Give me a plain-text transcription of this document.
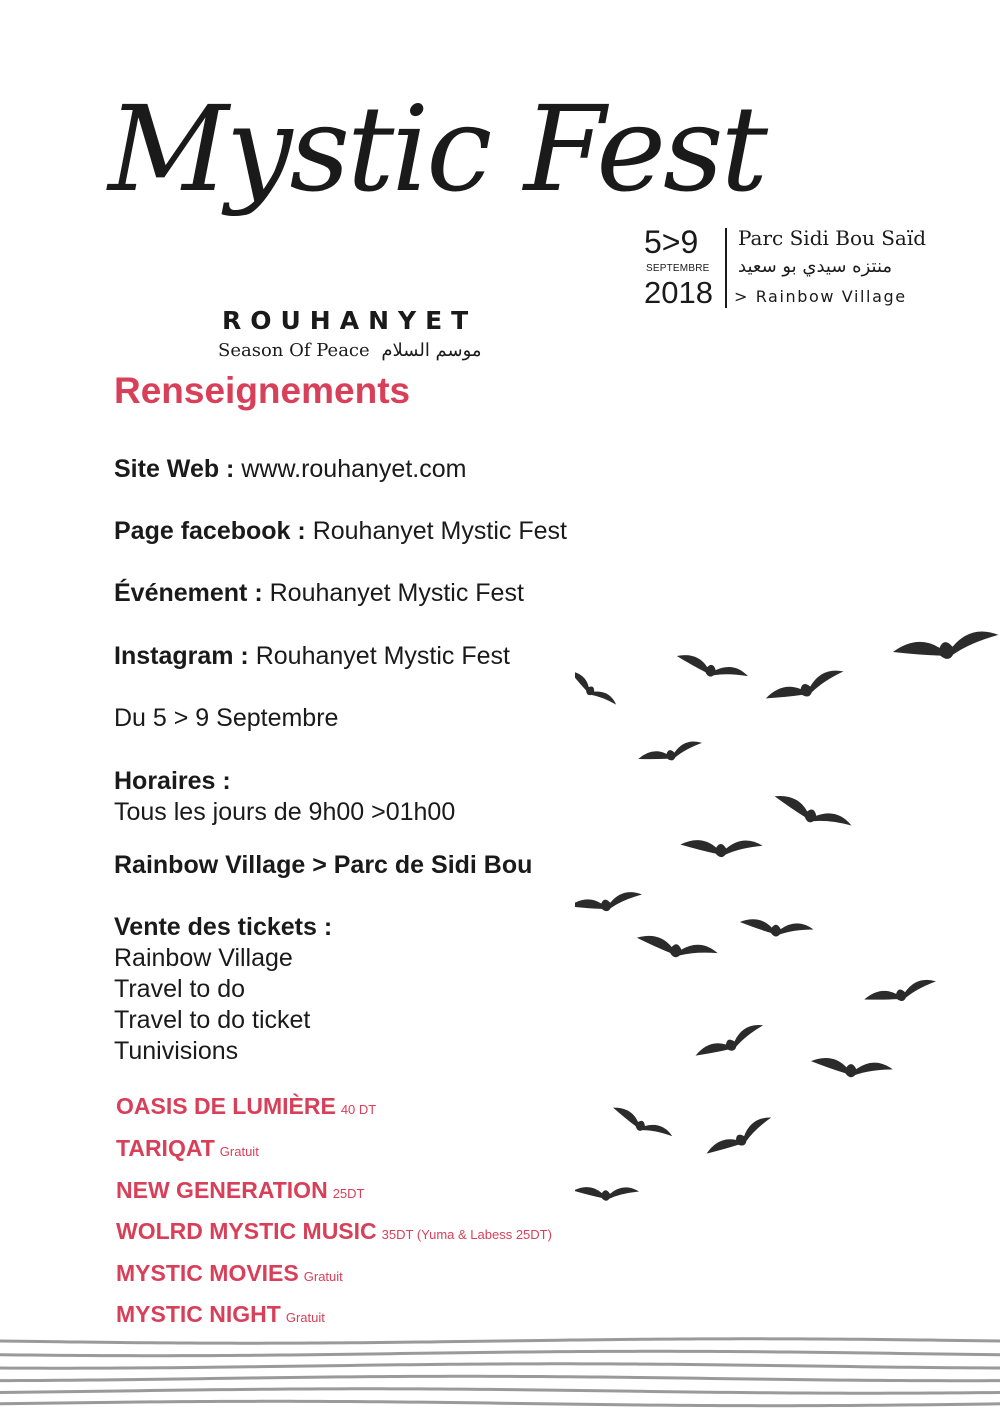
Mystic Fest
ROUHANYET
Season Of Peace موسم السلام
5>9
SEPTEMBRE
2018
Parc Sidi Bou Saïd
منتزه سيدي بو سعيد
> Rainbow Village
Renseignements

Site Web : www.rouhanyet.com

Page facebook : Rouhanyet Mystic Fest

Événement : Rouhanyet Mystic Fest

Instagram : Rouhanyet Mystic Fest

Du 5 > 9 Septembre

Horaires :
Tous les jours de 9h00 >01h00

Rainbow Village > Parc de Sidi Bou

Vente des tickets :
Rainbow Village
Travel to do
Travel to do ticket
Tunivisions

OASIS DE LUMIÈRE 40 DT

TARIQAT Gratuit

NEW GENERATION 25DT

WOLRD MYSTIC MUSIC 35DT (Yuma & Labess 25DT)

MYSTIC MOVIES Gratuit

MYSTIC NIGHT Gratuit
